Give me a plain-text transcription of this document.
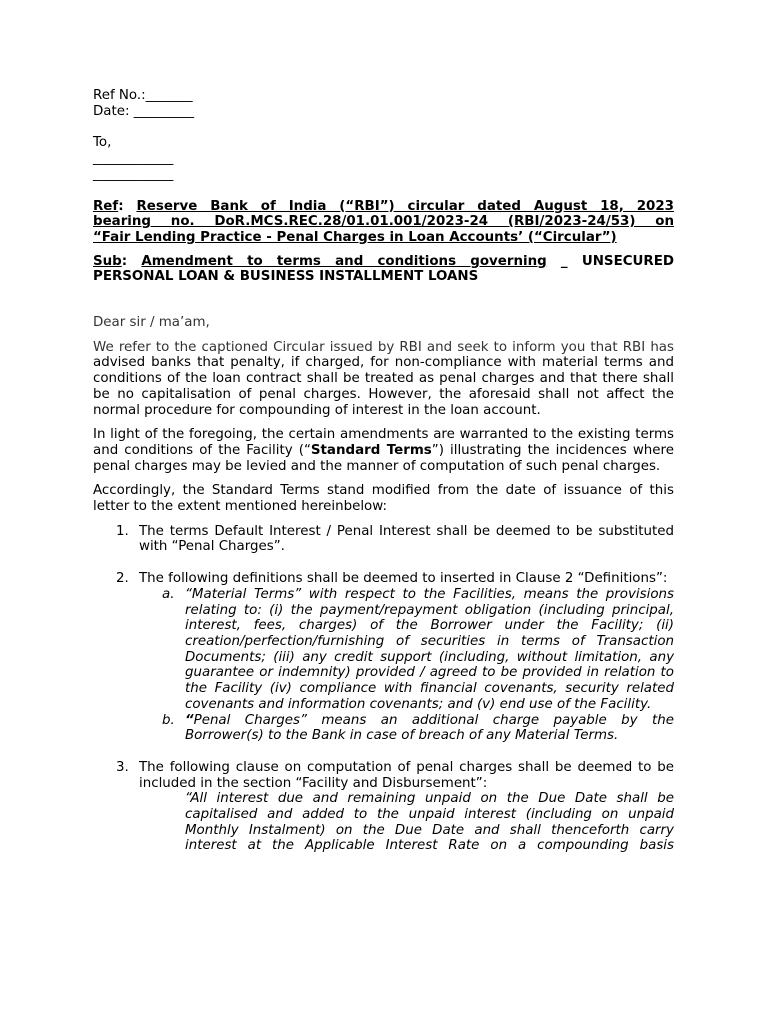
Ref No.:_______

Date: _________

To,

____________

____________

Ref: Reserve Bank of India (“RBI”) circular dated August 18, 2023

bearing no. DoR.MCS.REC.28/01.01.001/2023-24 (RBI/2023-24/53) on

“Fair Lending Practice - Penal Charges in Loan Accounts’ (“Circular”)

Sub: Amendment to terms and conditions governing _ UNSECURED

PERSONAL LOAN & BUSINESS INSTALLMENT LOANS

Dear sir / ma’am,

We refer to the captioned Circular issued by RBI and seek to inform you that RBI has advised banks that penalty, if charged, for non-compliance with material terms and conditions of the loan contract shall be treated as penal charges and that there shall be no capitalisation of penal charges. However, the aforesaid shall not affect the normal procedure for compounding of interest in the loan account.

In light of the foregoing, the certain amendments are warranted to the existing terms and conditions of the Facility (“Standard Terms”) illustrating the incidences where penal charges may be levied and the manner of computation of such penal charges.

Accordingly, the Standard Terms stand modified from the date of issuance of this letter to the extent mentioned hereinbelow:

1. The terms Default Interest / Penal Interest shall be deemed to be substituted with “Penal Charges”.

2. The following definitions shall be deemed to inserted in Clause 2 “Definitions”:

a. “Material Terms” with respect to the Facilities, means the provisions relating to: (i) the payment/repayment obligation (including principal, interest, fees, charges) of the Borrower under the Facility; (ii) creation/perfection/furnishing of securities in terms of Transaction Documents; (iii) any credit support (including, without limitation, any guarantee or indemnity) provided / agreed to be provided in relation to the Facility (iv) compliance with financial covenants, security related covenants and information covenants; and (v) end use of the Facility.

b. “Penal Charges” means an additional charge payable by the Borrower(s) to the Bank in case of breach of any Material Terms.

3. The following clause on computation of penal charges shall be deemed to be included in the section “Facility and Disbursement”:

“All interest due and remaining unpaid on the Due Date shall be capitalised and added to the unpaid interest (including on unpaid Monthly Instalment) on the Due Date and shall thenceforth carry interest at the Applicable Interest Rate on a compounding basis
